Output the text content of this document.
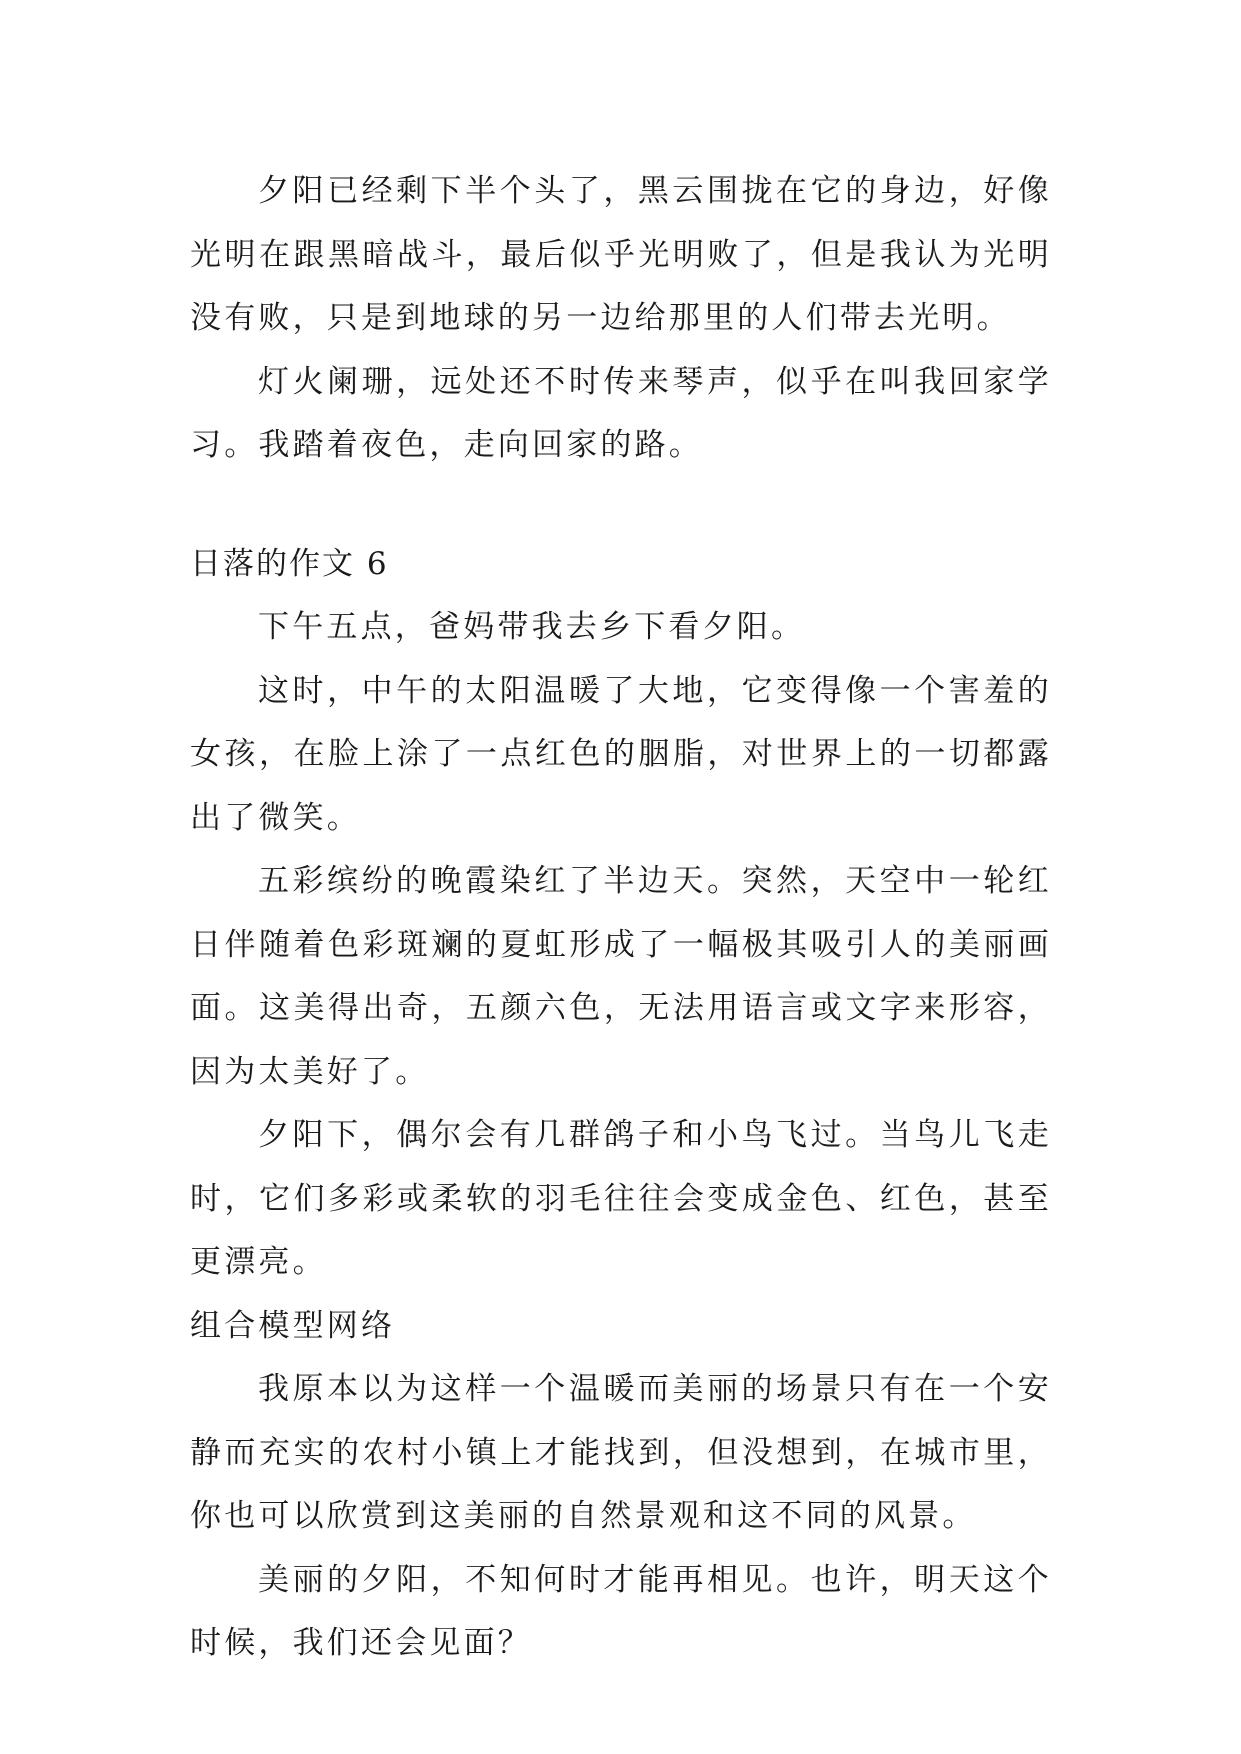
夕阳已经剩下半个头了，黑云围拢在它的身边，好像光明在跟黑暗战斗，最后似乎光明败了，但是我认为光明没有败，只是到地球的另一边给那里的人们带去光明。

灯火阑珊，远处还不时传来琴声，似乎在叫我回家学习。我踏着夜色，走向回家的路。

日落的作文 6

下午五点，爸妈带我去乡下看夕阳。

这时，中午的太阳温暖了大地，它变得像一个害羞的女孩，在脸上涂了一点红色的胭脂，对世界上的一切都露出了微笑。

五彩缤纷的晚霞染红了半边天。突然，天空中一轮红日伴随着色彩斑斓的夏虹形成了一幅极其吸引人的美丽画面。这美得出奇，五颜六色，无法用语言或文字来形容，因为太美好了。

夕阳下，偶尔会有几群鸽子和小鸟飞过。当鸟儿飞走时，它们多彩或柔软的羽毛往往会变成金色、红色，甚至更漂亮。

组合模型网络

我原本以为这样一个温暖而美丽的场景只有在一个安静而充实的农村小镇上才能找到，但没想到，在城市里，你也可以欣赏到这美丽的自然景观和这不同的风景。

美丽的夕阳，不知何时才能再相见。也许，明天这个时候，我们还会见面？
